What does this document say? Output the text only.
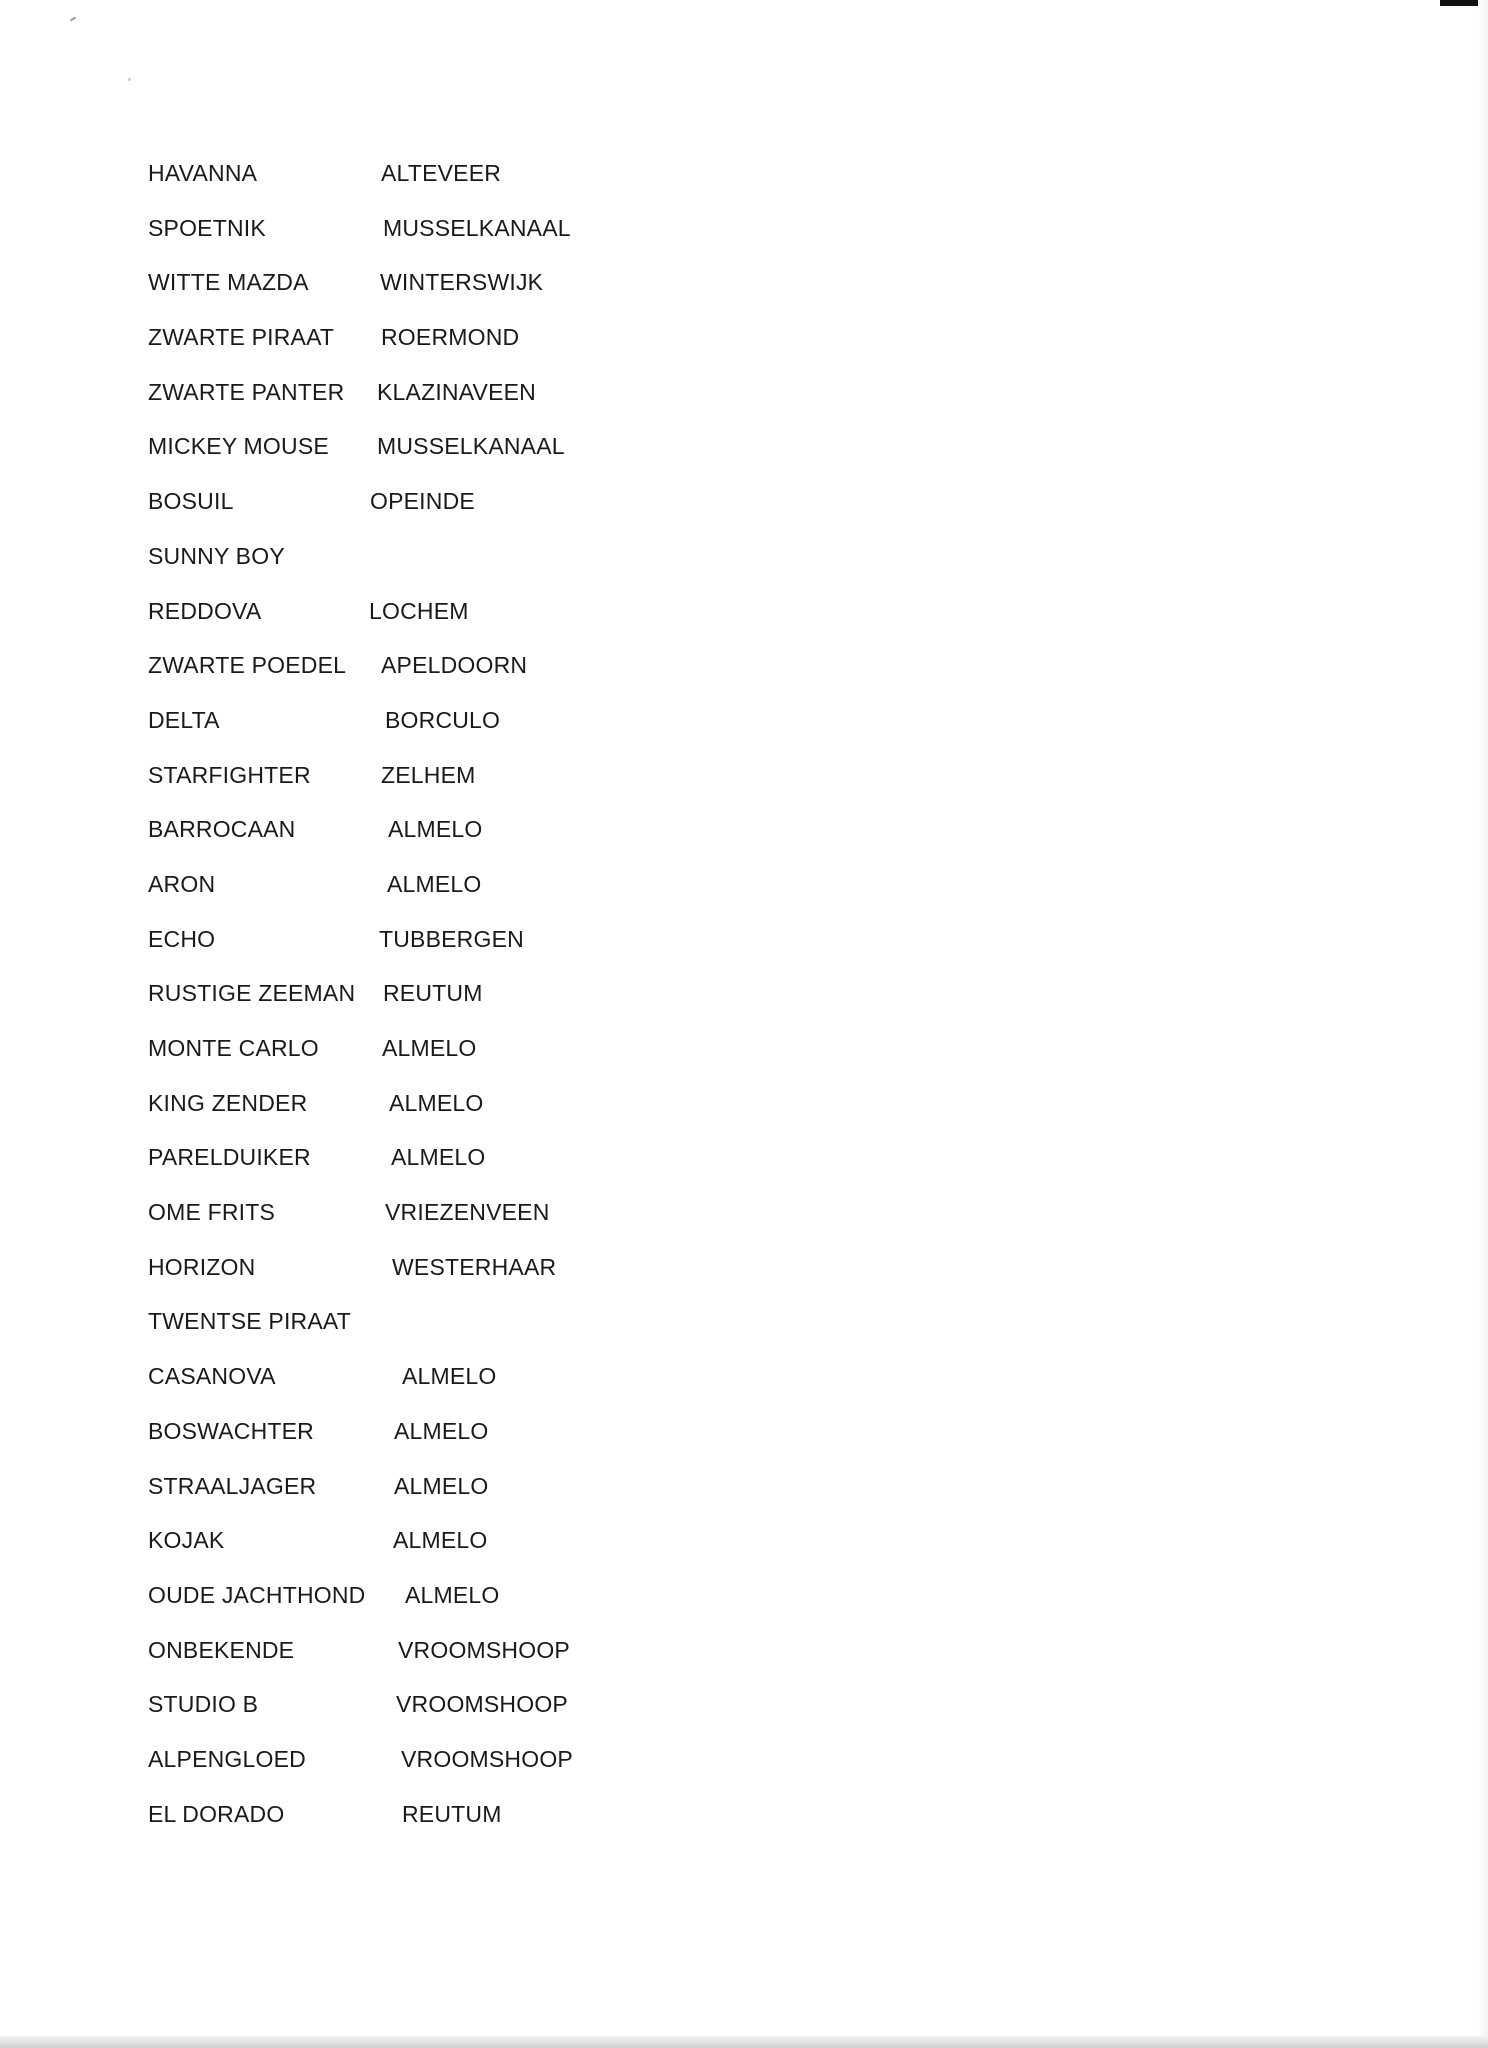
HAVANNA	ALTEVEER
SPOETNIK	MUSSELKANAAL
WITTE MAZDA	WINTERSWIJK
ZWARTE PIRAAT ROERMOND
ZWARTE PANTER KLAZINAVEEN
MICKEY MOUSE MUSSELKANAAL
BOSUIL	OPEINDE
SUNNY BOY
REDDOVA	LOCHEM
ZWARTE POEDEL APELDOORN
DELTA	BORCULO
STARFIGHTER	ZELHEM
BARROCAAN	ALMELO
ARON	ALMELO
ECHO	TUBBERGEN
RUSTIGE ZEEMAN REUTUM
MONTE CARLO	ALMELO
KING ZENDER	ALMELO
PARELDUIKER	ALMELO
OME FRITS	VRIEZENVEEN
HORIZON	WESTERHAAR
TWENTSE PIRAAT
CASANOVA	ALMELO
BOSWACHTER	ALMELO
STRAALJAGER	ALMELO
KOJAK	ALMELO
OUDE JACHTHOND ALMELO
ONBEKENDE	VROOMSHOOP
STUDIO B	VROOMSHOOP
ALPENGLOED	VROOMSHOOP
EL DORADO	REUTUM
